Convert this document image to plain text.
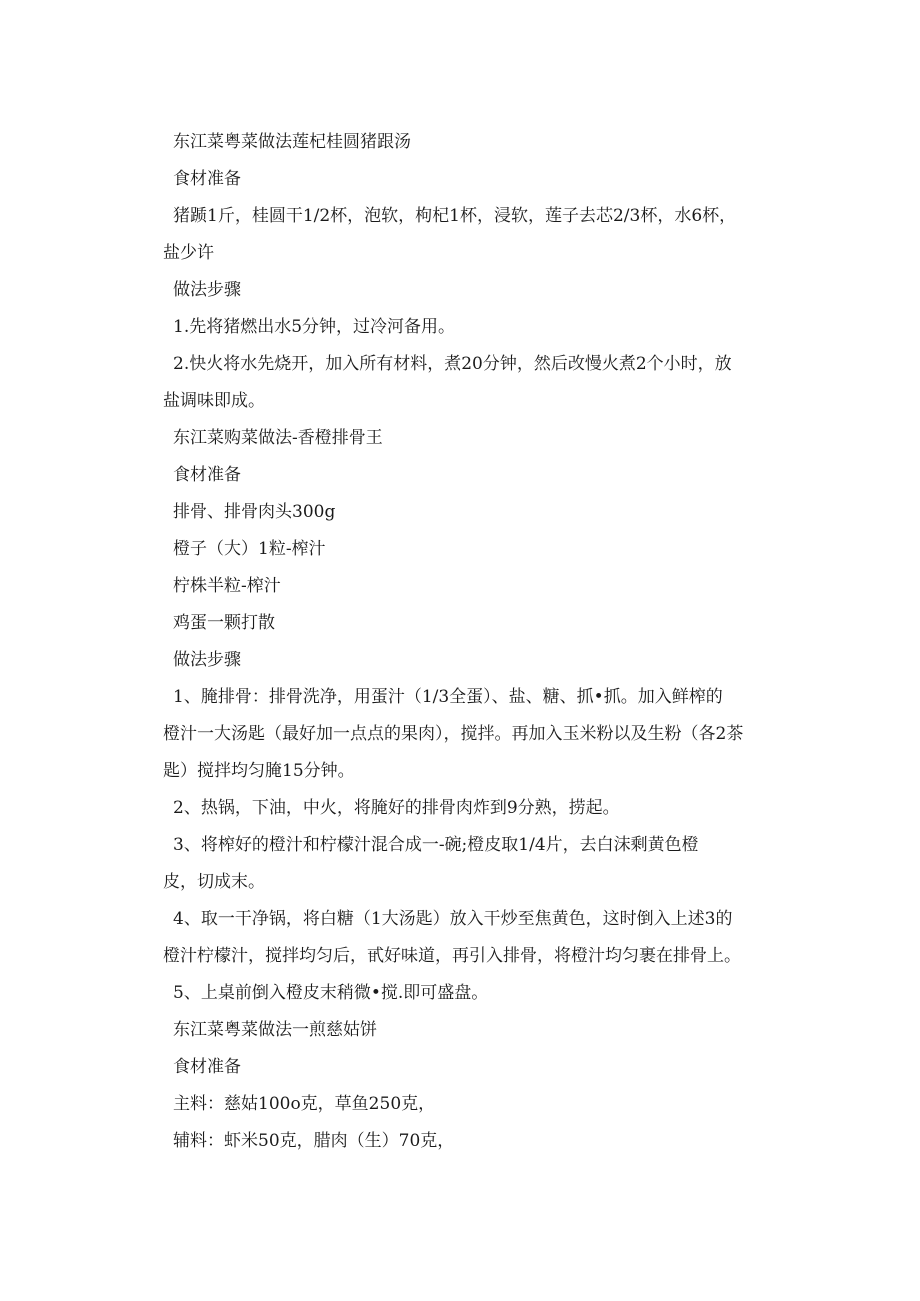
东江菜粤菜做法莲杞桂圆猪跟汤

食材准备

猪踬1斤，桂圆干1/2杯，泡软，枸杞1杯，浸软，莲子去芯2/3杯，水6杯，

盐少许

做法步骤

1.先将猪燃出水5分钟，过冷河备用。

2.快火将水先烧开，加入所有材料，煮20分钟，然后改慢火煮2个小时，放

盐调味即成。

东江菜购菜做法-香橙排骨王

食材准备

排骨、排骨肉头300g

橙子（大）1粒-榨汁

柠株半粒-榨汁

鸡蛋一颗打散

做法步骤

1、腌排骨：排骨洗净，用蛋汁（1/3全蛋）、盐、糖、抓•抓。加入鲜榨的

橙汁一大汤匙（最好加一点点的果肉），搅拌。再加入玉米粉以及生粉（各2茶

匙）搅拌均匀腌15分钟。

2、热锅，下油，中火，将腌好的排骨肉炸到9分熟，捞起。

3、将榨好的橙汁和柠檬汁混合成一-碗;橙皮取1/4片，去白沫剩黄色橙

皮，切成末。

4、取一干净锅，将白糖（1大汤匙）放入干炒至焦黄色，这时倒入上述3的

橙汁柠檬汁，搅拌均匀后，甙好味道，再引入排骨，将橙汁均匀裹在排骨上。

5、上桌前倒入橙皮末稍微•搅.即可盛盘。

东江菜粤菜做法一煎慈姑饼

食材准备

主料：慈姑100o克，草鱼250克，

辅料：虾米50克，腊肉（生）70克，
